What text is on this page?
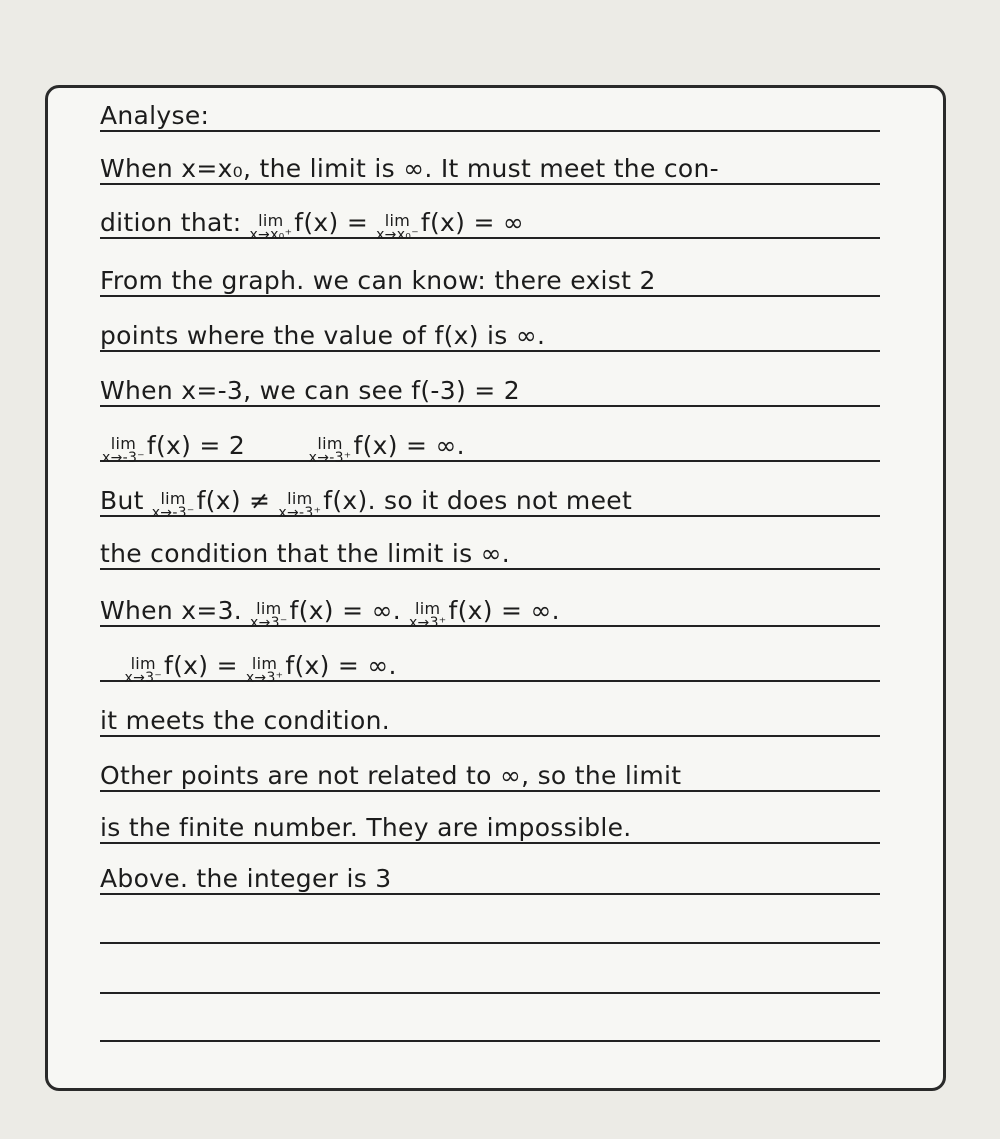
Analyse:
When x=x₀, the limit is ∞. It must meet the con-
dition that: lim
x→x₀⁺ f(x) = lim
x→x₀⁻ f(x) = ∞
From the graph. we can know: there exist 2
points where the value of f(x) is ∞.
When x=-3, we can see f(-3) = 2
lim
x→-3⁻ f(x) = 2
	lim
x→-3⁺ f(x) = ∞.
But lim
x→-3⁻ f(x) ≠ lim
x→-3⁺ f(x). so it does not meet
the condition that the limit is ∞.
When x=3. lim
x→3⁻ f(x) = ∞. lim
x→3⁺ f(x) = ∞.

lim
x→3⁻ f(x) = lim
x→3⁺ f(x) = ∞.
it meets the condition.
Other points are not related to ∞, so the limit
is the finite number. They are impossible.
Above. the integer is 3
